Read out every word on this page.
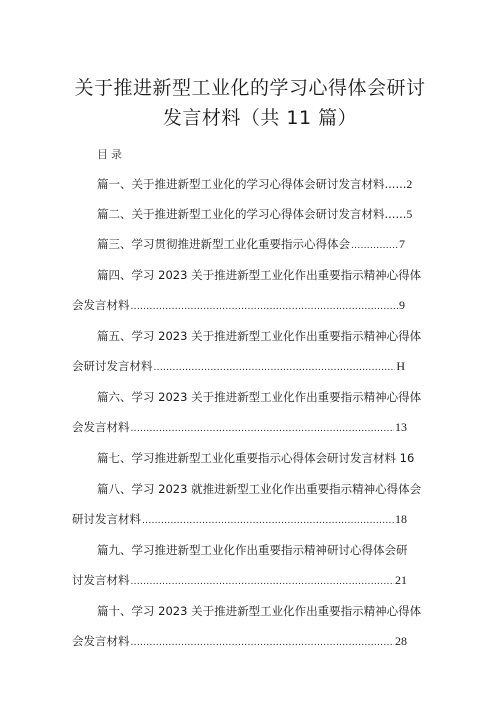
关于推进新型工业化的学习心得体会研讨
发言材料（共 11 篇）
目录
篇一、关于推进新型工业化的学习心得体会研讨发言材料......2
篇二、关于推进新型工业化的学习心得体会研讨发言材料......5
篇三、学习贯彻推进新型工业化重要指示心得体会 .....	7
篇四、学习 2023 关于推进新型工业化作出重要指示精神心得体
会发言材料 .....	9
篇五、学习 2023 关于推进新型工业化作出重要指示精神心得体
会研讨发言材料 .....	H
篇六、学习 2023 关于推进新型工业化作出重要指示精神心得体
会发言材料 .....	13
篇七、学习推进新型工业化重要指示心得体会研讨发言材料 16
篇八、学习 2023 就推进新型工业化作出重要指示精神心得体会
研讨发言材料 .....	18
篇九、学习推进新型工业化作出重要指示精神研讨心得体会研
讨发言材料 .....	21
篇十、学习 2023 关于推进新型工业化作出重要指示精神心得体
会发言材料 .....	28
